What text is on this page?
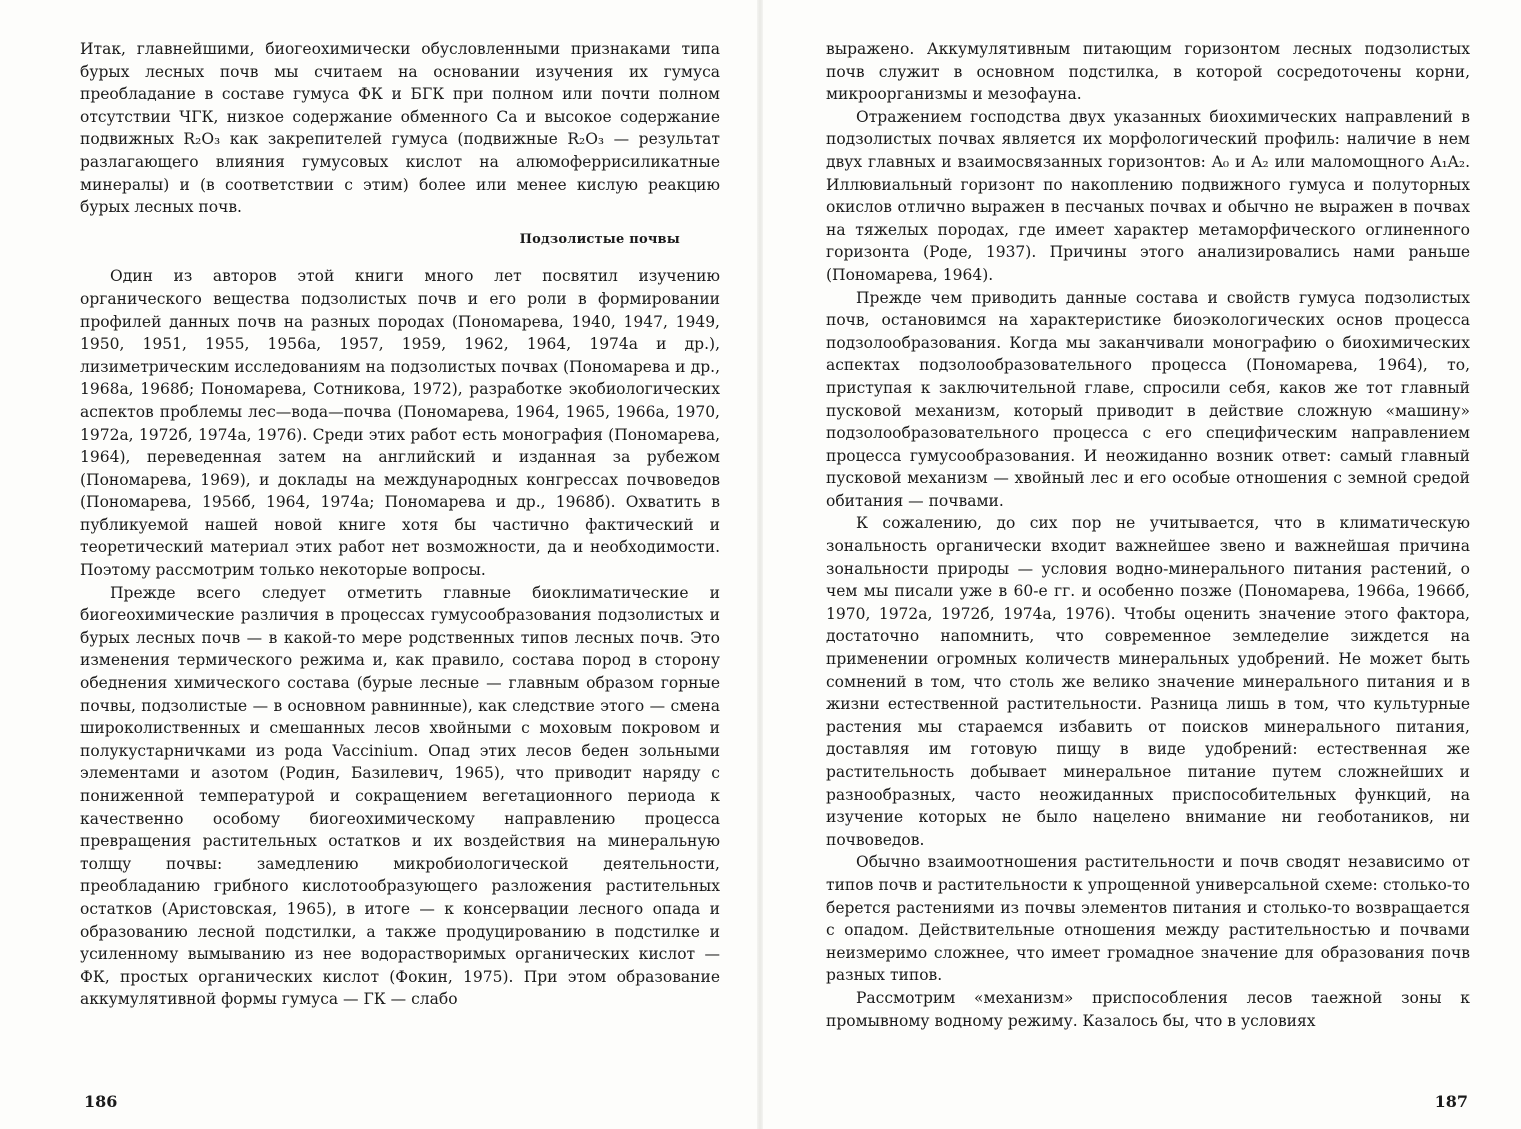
Итак, главнейшими, биогеохимически обусловленными признаками типа бурых лесных почв мы считаем на основании изучения их гумуса преобладание в составе гумуса ФК и БГК при полном или почти полном отсутствии ЧГК, низкое содержание обменного Са и высокое содержание подвижных R₂O₃ как закрепителей гумуса (подвижные R₂O₃ — результат разлагающего влияния гумусовых кислот на алюмоферрисиликатные минералы) и (в соответствии с этим) более или менее кислую реакцию бурых лесных почв.

Подзолистые почвы

Один из авторов этой книги много лет посвятил изучению органического вещества подзолистых почв и его роли в формировании профилей данных почв на разных породах (Пономарева, 1940, 1947, 1949, 1950, 1951, 1955, 1956а, 1957, 1959, 1962, 1964, 1974а и др.), лизиметрическим исследованиям на подзолистых почвах (Пономарева и др., 1968а, 1968б; Пономарева, Сотникова, 1972), разработке экобиологических аспектов проблемы лес—вода—почва (Пономарева, 1964, 1965, 1966а, 1970, 1972а, 1972б, 1974а, 1976). Среди этих работ есть монография (Пономарева, 1964), переведенная затем на английский и изданная за рубежом (Пономарева, 1969), и доклады на международных конгрессах почвоведов (Пономарева, 1956б, 1964, 1974а; Пономарева и др., 1968б). Охватить в публикуемой нашей новой книге хотя бы частично фактический и теоретический материал этих работ нет возможности, да и необходимости. Поэтому рассмотрим только некоторые вопросы.

Прежде всего следует отметить главные биоклиматические и биогеохимические различия в процессах гумусообразования подзолистых и бурых лесных почв — в какой-то мере родственных типов лесных почв. Это изменения термического режима и, как правило, состава пород в сторону обеднения химического состава (бурые лесные — главным образом горные почвы, подзолистые — в основном равнинные), как следствие этого — смена широколиственных и смешанных лесов хвойными с моховым покровом и полукустарничками из рода Vaccinium. Опад этих лесов беден зольными элементами и азотом (Родин, Базилевич, 1965), что приводит наряду с пониженной температурой и сокращением вегетационного периода к качественно особому биогеохимическому направлению процесса превращения растительных остатков и их воздействия на минеральную толщу почвы: замедлению микробиологической деятельности, преобладанию грибного кислотообразующего разложения растительных остатков (Аристовская, 1965), в итоге — к консервации лесного опада и образованию лесной подстилки, а также продуцированию в подстилке и усиленному вымыванию из нее водорастворимых органических кислот — ФК, простых органических кислот (Фокин, 1975). При этом образование аккумулятивной формы гумуса — ГК — слабо

186

выражено. Аккумулятивным питающим горизонтом лесных подзолистых почв служит в основном подстилка, в которой сосредоточены корни, микроорганизмы и мезофауна.

Отражением господства двух указанных биохимических направлений в подзолистых почвах является их морфологический профиль: наличие в нем двух главных и взаимосвязанных горизонтов: A₀ и A₂ или маломощного A₁A₂. Иллювиальный горизонт по накоплению подвижного гумуса и полуторных окислов отлично выражен в песчаных почвах и обычно не выражен в почвах на тяжелых породах, где имеет характер метаморфического оглиненного горизонта (Роде, 1937). Причины этого анализировались нами раньше (Пономарева, 1964).

Прежде чем приводить данные состава и свойств гумуса подзолистых почв, остановимся на характеристике биоэкологических основ процесса подзолообразования. Когда мы заканчивали монографию о биохимических аспектах подзолообразовательного процесса (Пономарева, 1964), то, приступая к заключительной главе, спросили себя, каков же тот главный пусковой механизм, который приводит в действие сложную «машину» подзолообразовательного процесса с его специфическим направлением процесса гумусообразования. И неожиданно возник ответ: самый главный пусковой механизм — хвойный лес и его особые отношения с земной средой обитания — почвами.

К сожалению, до сих пор не учитывается, что в климатическую зональность органически входит важнейшее звено и важнейшая причина зональности природы — условия водно-минерального питания растений, о чем мы писали уже в 60-е гг. и особенно позже (Пономарева, 1966а, 1966б, 1970, 1972а, 1972б, 1974а, 1976). Чтобы оценить значение этого фактора, достаточно напомнить, что современное земледелие зиждется на применении огромных количеств минеральных удобрений. Не может быть сомнений в том, что столь же велико значение минерального питания и в жизни естественной растительности. Разница лишь в том, что культурные растения мы стараемся избавить от поисков минерального питания, доставляя им готовую пищу в виде удобрений: естественная же растительность добывает минеральное питание путем сложнейших и разнообразных, часто неожиданных приспособительных функций, на изучение которых не было нацелено внимание ни геоботаников, ни почвоведов.

Обычно взаимоотношения растительности и почв сводят независимо от типов почв и растительности к упрощенной универсальной схеме: столько-то берется растениями из почвы элементов питания и столько-то возвращается с опадом. Действительные отношения между растительностью и почвами неизмеримо сложнее, что имеет громадное значение для образования почв разных типов.

Рассмотрим «механизм» приспособления лесов таежной зоны к промывному водному режиму. Казалось бы, что в условиях

187
